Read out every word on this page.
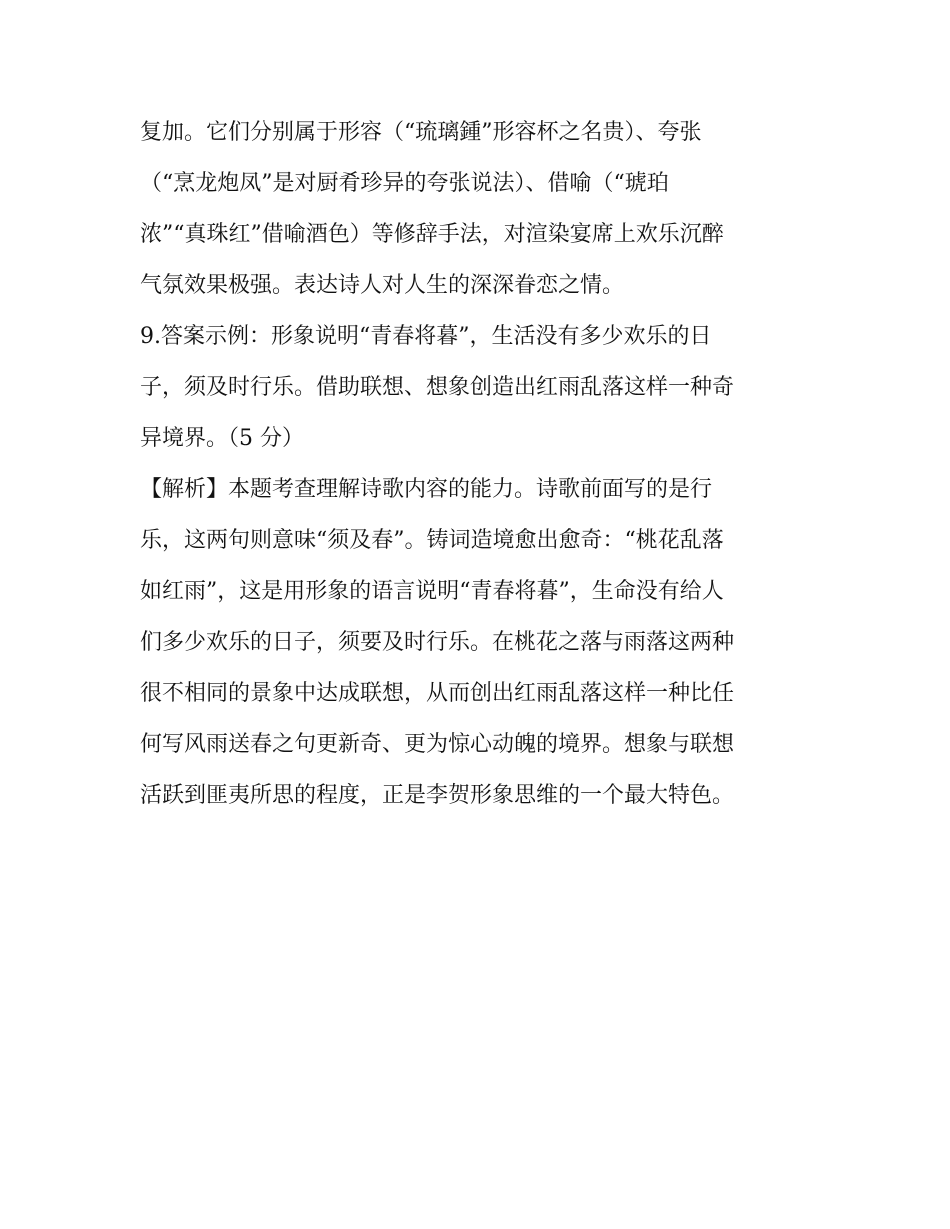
复加。它们分别属于形容（“琉璃鍾”形容杯之名贵）、夸张

（“烹龙炮凤”是对厨肴珍异的夸张说法）、借喻（“琥珀

浓”“真珠红”借喻酒色）等修辞手法，对渲染宴席上欢乐沉醉

气氛效果极强。表达诗人对人生的深深眷恋之情。

9.答案示例：形象说明“青春将暮”，生活没有多少欢乐的日

子，须及时行乐。借助联想、想象创造出红雨乱落这样一种奇

异境界。（5 分）

【解析】本题考查理解诗歌内容的能力。诗歌前面写的是行

乐，这两句则意味“须及春”。铸词造境愈出愈奇：“桃花乱落

如红雨”，这是用形象的语言说明“青春将暮”，生命没有给人

们多少欢乐的日子，须要及时行乐。在桃花之落与雨落这两种

很不相同的景象中达成联想，从而创出红雨乱落这样一种比任

何写风雨送春之句更新奇、更为惊心动魄的境界。想象与联想

活跃到匪夷所思的程度，正是李贺形象思维的一个最大特色。
